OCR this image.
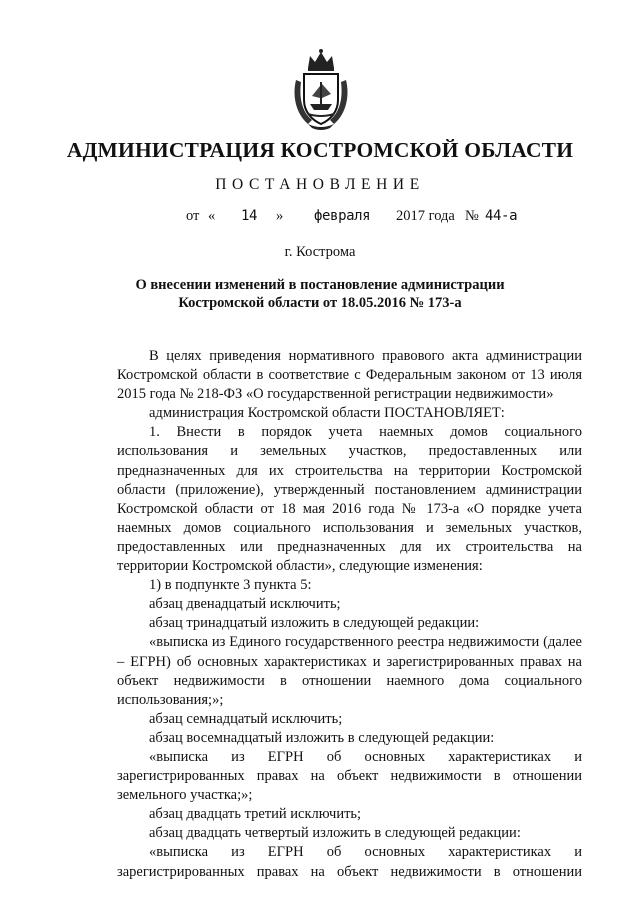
АДМИНИСТРАЦИЯ КОСТРОМСКОЙ ОБЛАСТИ
ПОСТАНОВЛЕНИЕ
от « 14 » февраля 2017 года № 44-а
г. Кострома
О внесении изменений в постановление администрации
Костромской области от 18.05.2016 № 173-а

В целях приведения нормативного правового акта администрации Костромской области в соответствие с Федеральным законом от 13 июля 2015 года № 218-ФЗ «О государственной регистрации недвижимости»

администрация Костромской области ПОСТАНОВЛЯЕТ:

1. Внести в порядок учета наемных домов социального использования и земельных участков, предоставленных или предназначенных для их строительства на территории Костромской области (приложение), утвержденный постановлением администрации Костромской области от 18 мая 2016 года № 173-а «О порядке учета наемных домов социального использования и земельных участков, предоставленных или предназначенных для их строительства на территории Костромской области», следующие изменения:

1) в подпункте 3 пункта 5:

абзац двенадцатый исключить;

абзац тринадцатый изложить в следующей редакции:

«выписка из Единого государственного реестра недвижимости (далее – ЕГРН) об основных характеристиках и зарегистрированных правах на объект недвижимости в отношении наемного дома социального использования;»;

абзац семнадцатый исключить;

абзац восемнадцатый изложить в следующей редакции:

«выписка из ЕГРН об основных характеристиках и зарегистрированных правах на объект недвижимости в отношении земельного участка;»;

абзац двадцать третий исключить;

абзац двадцать четвертый изложить в следующей редакции:

«выписка из ЕГРН об основных характеристиках и зарегистрированных правах на объект недвижимости в отношении
